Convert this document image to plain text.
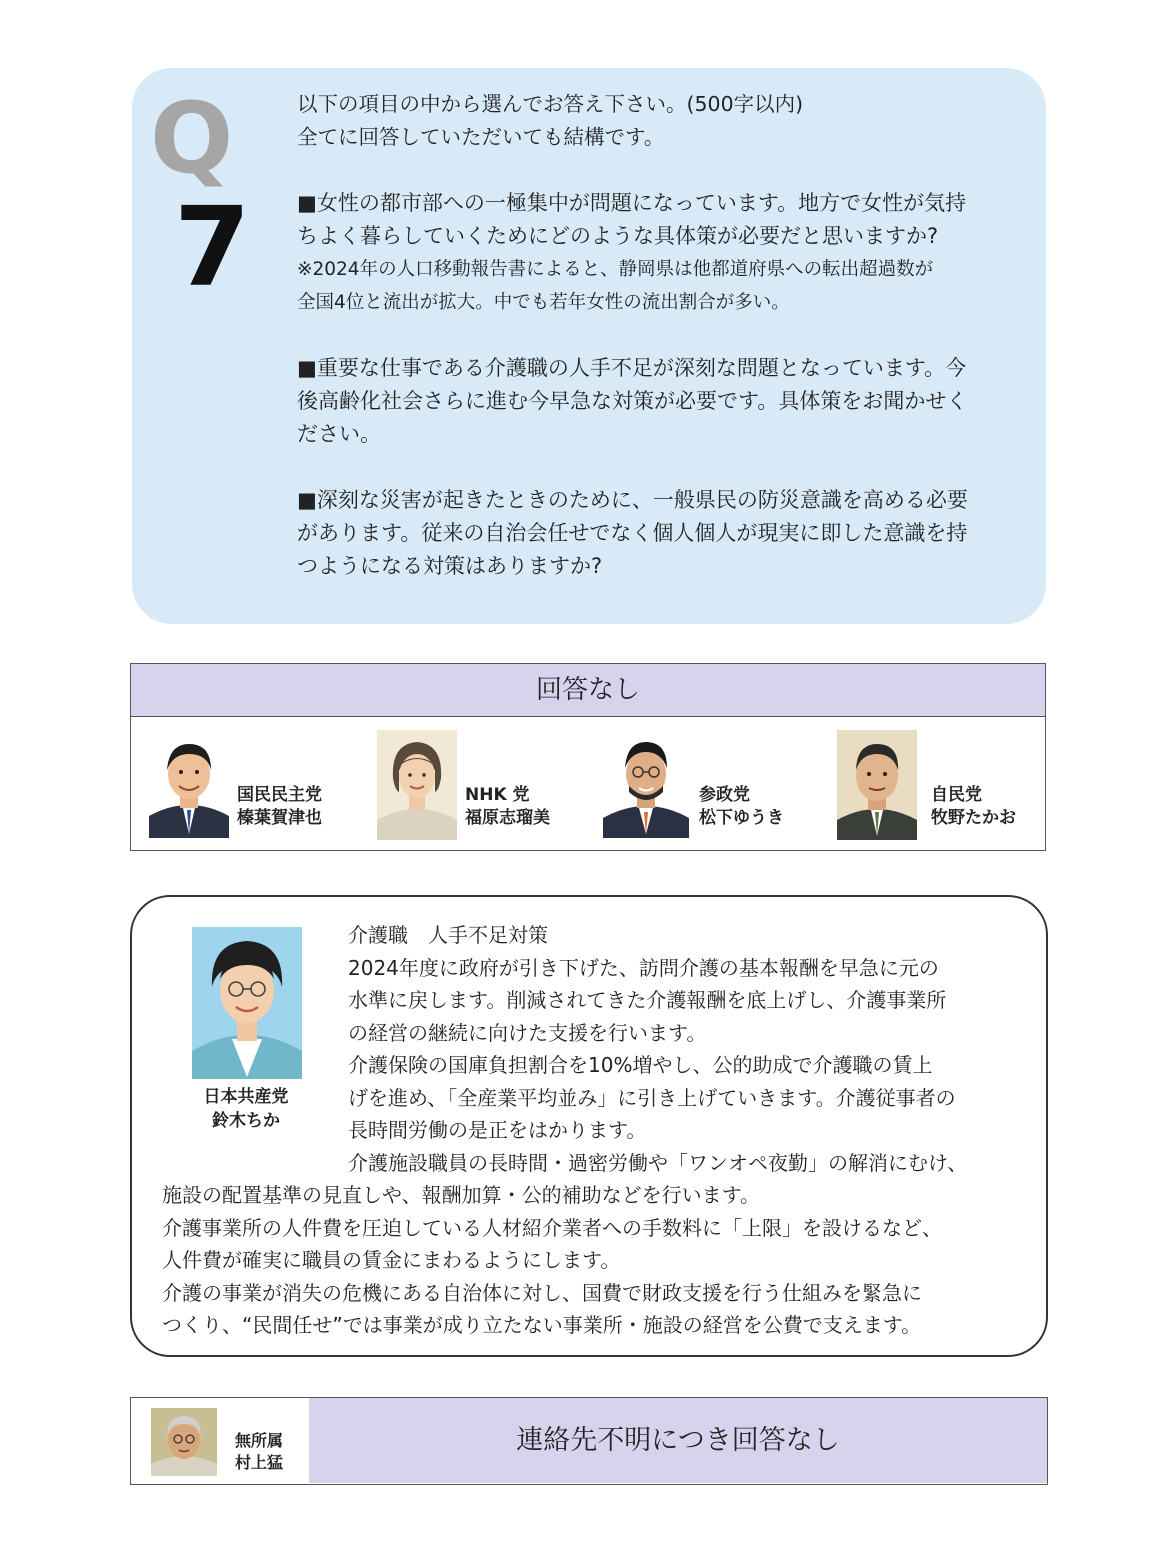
Q
7

以下の項目の中から選んでお答え下さい。(500字以内)

全てに回答していただいても結構です。

■女性の都市部への一極集中が問題になっています。地方で女性が気持

ちよく暮らしていくためにどのような具体策が必要だと思いますか?

※2024年の人口移動報告書によると、静岡県は他都道府県への転出超過数が

全国4位と流出が拡大。中でも若年女性の流出割合が多い。

■重要な仕事である介護職の人手不足が深刻な問題となっています。今

後高齢化社会さらに進む今早急な対策が必要です。具体策をお聞かせく

ださい。

■深刻な災害が起きたときのために、一般県民の防災意識を高める必要

があります。従来の自治会任せでなく個人個人が現実に即した意識を持

つようになる対策はありますか?

回答なし
国民民主党
榛葉賀津也
NHK 党
福原志瑠美
参政党
松下ゆうき
自民党
牧野たかお
日本共産党
鈴木ちか
介護職　人手不足対策
2024年度に政府が引き下げた、訪問介護の基本報酬を早急に元の
水準に戻します。削減されてきた介護報酬を底上げし、介護事業所
の経営の継続に向けた支援を行います。
介護保険の国庫負担割合を10%増やし、公的助成で介護職の賃上
げを進め、「全産業平均並み」に引き上げていきます。介護従事者の
長時間労働の是正をはかります。
介護施設職員の長時間・過密労働や「ワンオペ夜勤」の解消にむけ、
施設の配置基準の見直しや、報酬加算・公的補助などを行います。
介護事業所の人件費を圧迫している人材紹介業者への手数料に「上限」を設けるなど、
人件費が確実に職員の賃金にまわるようにします。
介護の事業が消失の危機にある自治体に対し、国費で財政支援を行う仕組みを緊急に
つくり、“民間任せ”では事業が成り立たない事業所・施設の経営を公費で支えます。
無所属
村上猛
連絡先不明につき回答なし
